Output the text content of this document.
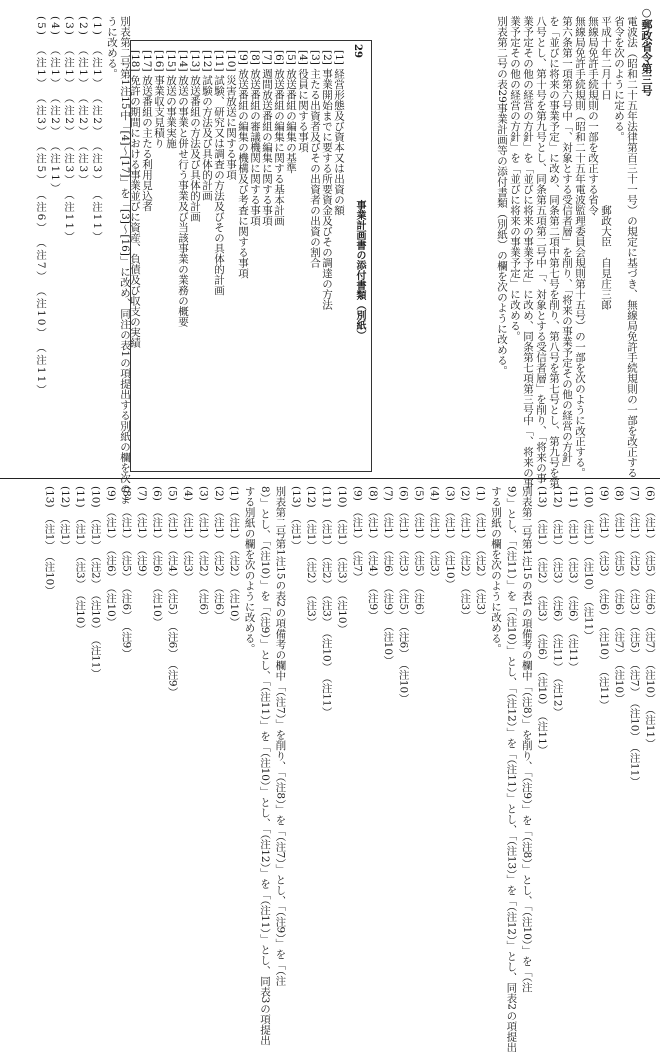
○郵政省令第三号
電波法（昭和二十五年法律第百三十一号）の規定に基づき、無線局免許手続規則の一部を改正する
省令を次のように定める。
平成十年二月十日　　　　　　　　　　郵政大臣　自見庄三郎
無線局免許手続規則の一部を改正する省令
無線局免許手続規則（昭和二十五年電波監理委員会規則第十五号）の一部を次のように改正する。
第六条第一項第六号中「、対象とする受信者層」を削り、「将来の事業予定その他の経営の方針」
を「並びに将来の事業予定」に改め、同条第二項中第七号を削り、第八号を第七号とし、第九号を第
八号とし、第十号を第九号とし、同条第五項第二号中「、対象とする受信者層」を削り、「将来の事
業予定その他の経営の方針」を「並びに将来の事業予定」に改め、同条第七項第三号中「、将来の事
業予定その他の経営の方針」を「並びに将来の事業予定」に改める。
別表第二号の表29事業計画等の添付書類（別紙）の欄を次のように改める。
[1] 経営形態及び資本又は出資の額
[2] 事業開始までに要する所要資金及びその調達の方法
[3] 主たる出資者及びその出資者の出資の割合
[4] 役員に関する事項
[5] 放送番組の編集の基準
[6] 放送番組の編集に関する基本計画
[7] 週間放送番組の編集に関する事項
[8] 放送番組の審議機関に関する事項
[9] 放送番組の編集の機構及び考査に関する事項
[10] 災害放送に関する事項
[11] 試験、研究又は調査の方法及びその具体的計画
[12] 試験の方法及び具体的計画
[13] 放送番組の方法及び具体的計画
[14] 放送の事業と併せ行う事業及び当該事業の業務の概要
[15] 放送の事業実施
[16] 事業収支見積り
[17] 放送番組の主たる利用見込者
[18] 免許の期間における事業並びに資産、負債及び収支の実績
別表第二号第1注15中「[4]〜[17]」を「[3]〜[16]」に改め、同注の表1の項提出する別紙の欄を次のよ
うに改める。
(1)　（注1）　（注2）　（注3）　（注11）
(2)　（注1）　（注2）　（注3）
(3)　（注1）　（注2）　（注3）　（注11）
(4)　（注1）　（注2）　（注11）
(5)　（注1）　（注3）　（注5）　（注6）　（注7）　（注10）　（注11）	29
事業計画書の添付書類（別紙）
(6)　（注1）　（注5）　（注6）　（注7）　（注10）　（注11）
(7)　（注1）　（注2）　（注3）　（注5）　（注7）　（注10）　（注11）
(8)　（注1）　（注5）　（注6）　（注7）　（注10）
(9)　（注1）　（注3）　（注6）　（注10）　（注11）
(10)　（注1）　（注10）　（注11）
(11)　（注1）　（注3）　（注6）　（注11）
(12)　（注1）　（注3）　（注6）　（注11）　（注12）
(13)　（注1）　（注2）　（注3）　（注6）　（注10）　（注11）
別表第二号第1注15の表1の項備考の欄中「（注8）」を削り、「（注9）」を「（注8）」とし、「（注10）」を「（注
9）」とし、「（注11）」を「（注10）」とし、「（注12）」を「（注11）」とし、「（注13）」を「（注12）」とし、同表2の項提出
する別紙の欄を次のように改める。
(1)　（注1）　（注2）　（注3）
(2)　（注1）　（注2）　（注3）
(3)　（注1）　（注10）
(4)　（注1）　（注3）
(5)　（注1）　（注5）　（注6）
(6)　（注1）　（注3）　（注5）　（注6）　（注10）
(7)　（注1）　（注6）　（注9）　（注10）
(8)　（注1）　（注4）　（注9）
(9)　（注1）　（注7）
(10)　（注1）　（注3）　（注10）
(11)　（注1）　（注2）　（注3）　（注10）　（注11）
(12)　（注1）　（注2）　（注3）
(13)　（注1）
別表第二号第1注15の表2の項備考の欄中「（注7）」を削り、「（注8）」を「（注7）」とし、「（注9）」を「（注
8）」とし、「（注10）」を「（注9）」とし、「（注11）」を「（注10）」とし、「（注12）」を「（注11）」とし、同表3の項提出
する別紙の欄を次のように改める。
(1)　（注1）　（注2）　（注10）
(2)　（注1）　（注2）　（注6）
(3)　（注1）　（注2）　（注6）
(4)　（注1）　（注3）
(5)　（注1）　（注4）　（注5）　（注6）　（注9）
(6)　（注1）　（注6）　（注10）
(7)　（注1）　（注9）
(8)　（注1）　（注5）　（注6）　（注9）
(9)　（注1）　（注6）　（注10）
(10)　（注1）　（注2）　（注10）　（注11）
(11)　（注1）　（注3）　（注10）
(12)　（注1）
(13)　（注1）　（注10）
